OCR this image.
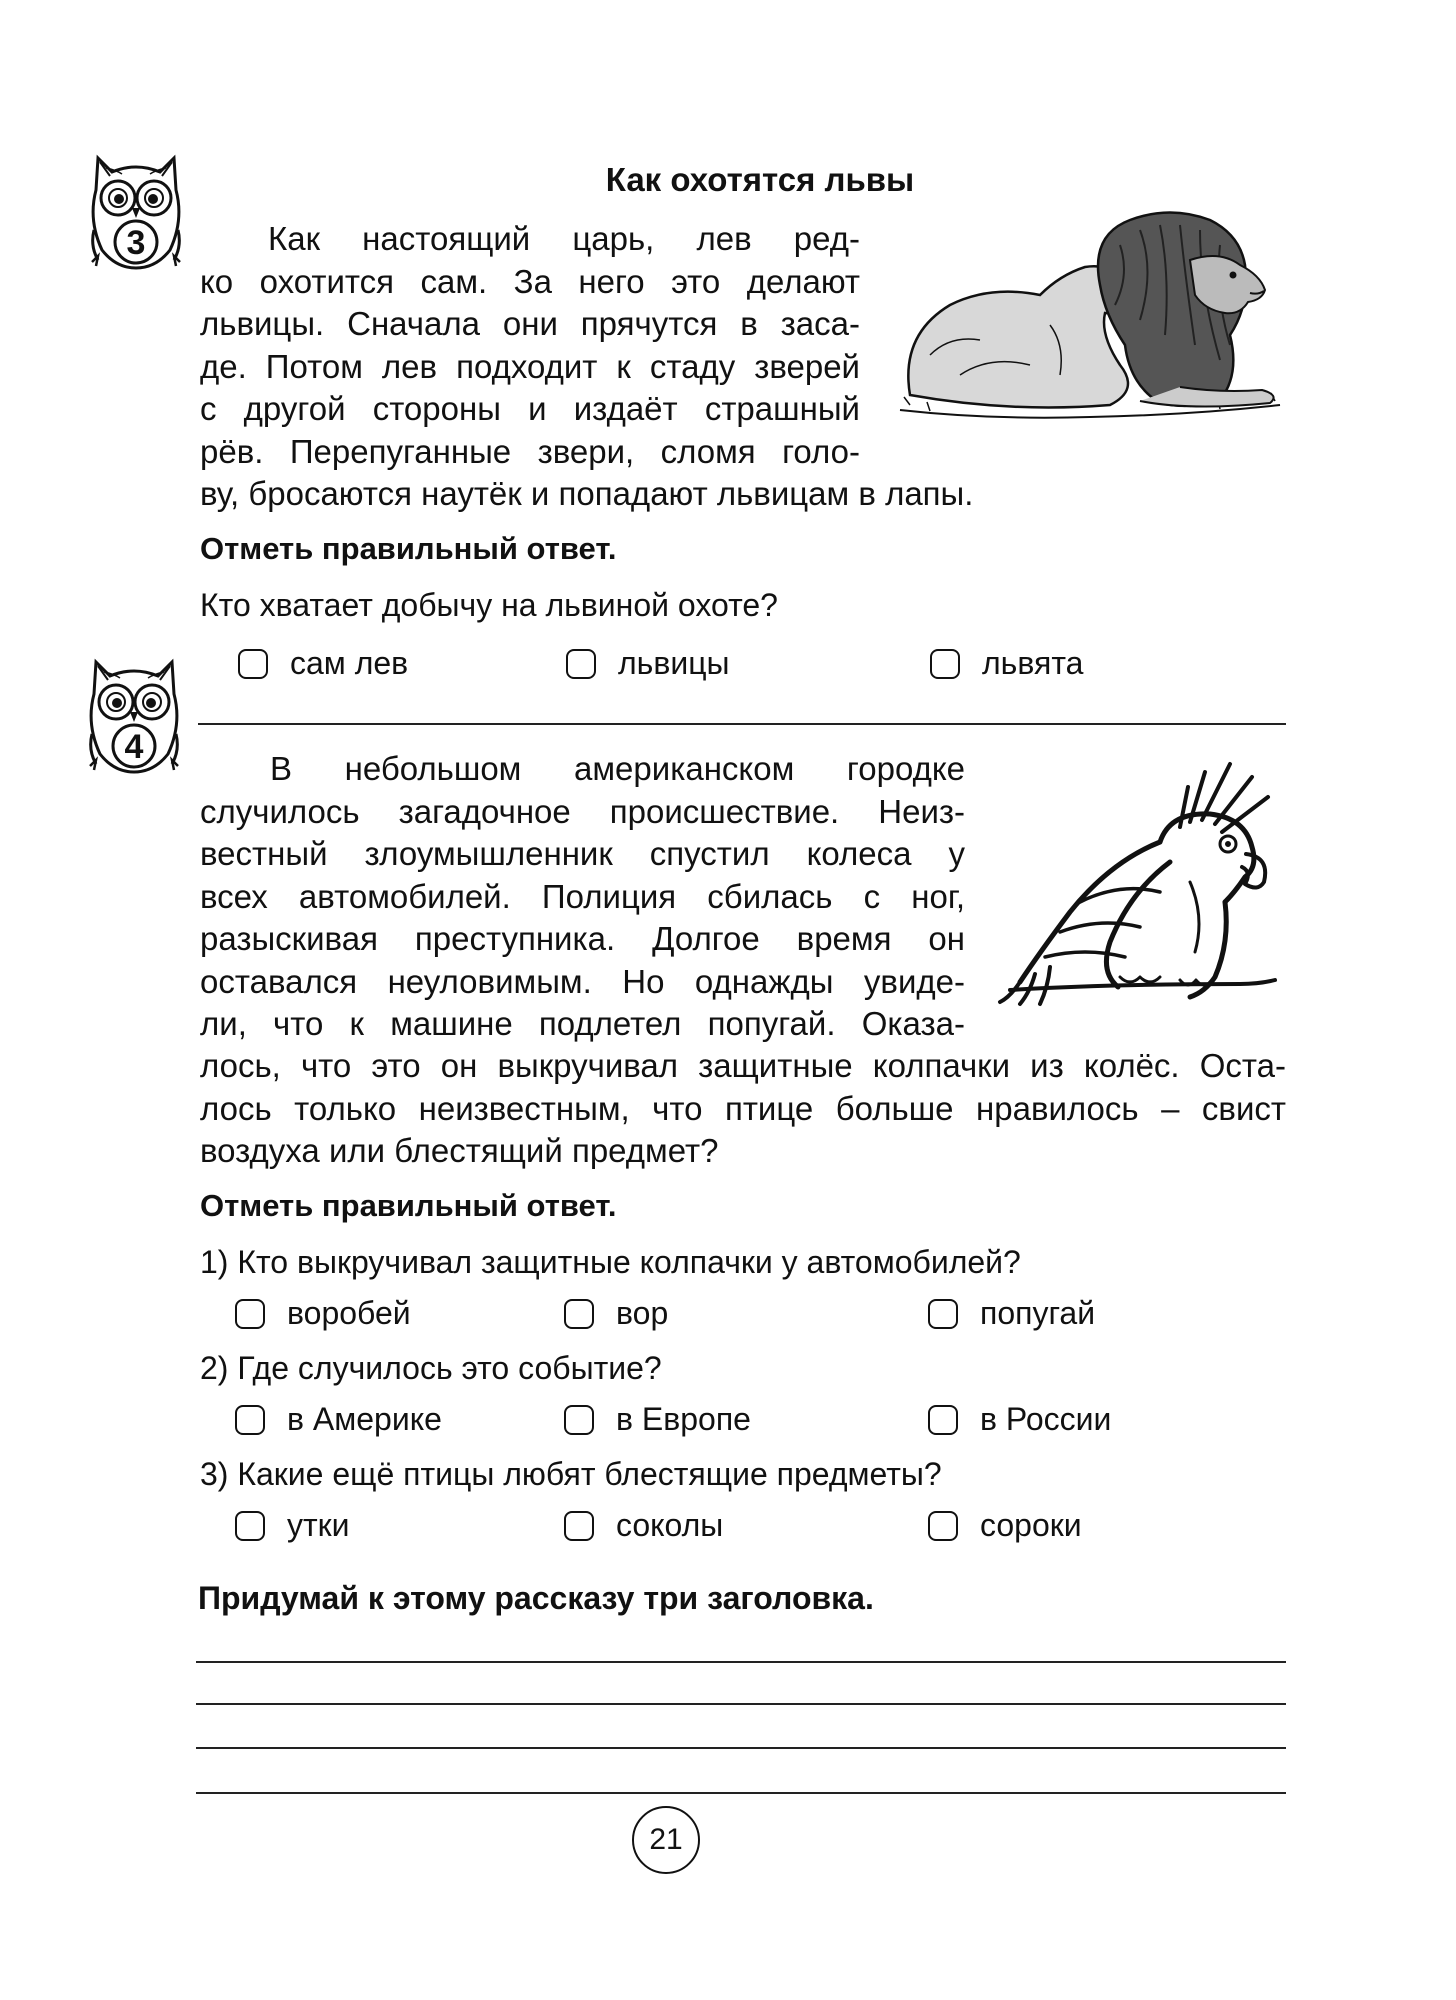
3
Как охотятся львы
Как настоящий царь, лев ред-
ко охотится сам. За него это делают
львицы. Сначала они прячутся в заса-
де. Потом лев подходит к стаду зверей
с другой стороны и издаёт страшный
рёв. Перепуганные звери, сломя голо-
ву, бросаются наутёк и попадают львицам в лапы.
Отметь правильный ответ.
Кто хватает добычу на львиной охоте?
сам лев	львицы	львята
4
В небольшом американском городке
случилось загадочное происшествие. Неиз-
вестный злоумышленник спустил колеса у
всех автомобилей. Полиция сбилась с ног,
разыскивая преступника. Долгое время он
оставался неуловимым. Но однажды увиде-
ли, что к машине подлетел попугай. Оказа-
лось, что это он выкручивал защитные колпачки из колёс. Оста-
лось только неизвестным, что птице больше нравилось – свист
воздуха или блестящий предмет?
Отметь правильный ответ.
1) Кто выкручивал защитные колпачки у автомобилей?
воробей	вор	попугай
2) Где случилось это событие?
в Америке	в Европе	в России
3) Какие ещё птицы любят блестящие предметы?
утки	соколы	сороки
Придумай к этому рассказу три заголовка.
21
